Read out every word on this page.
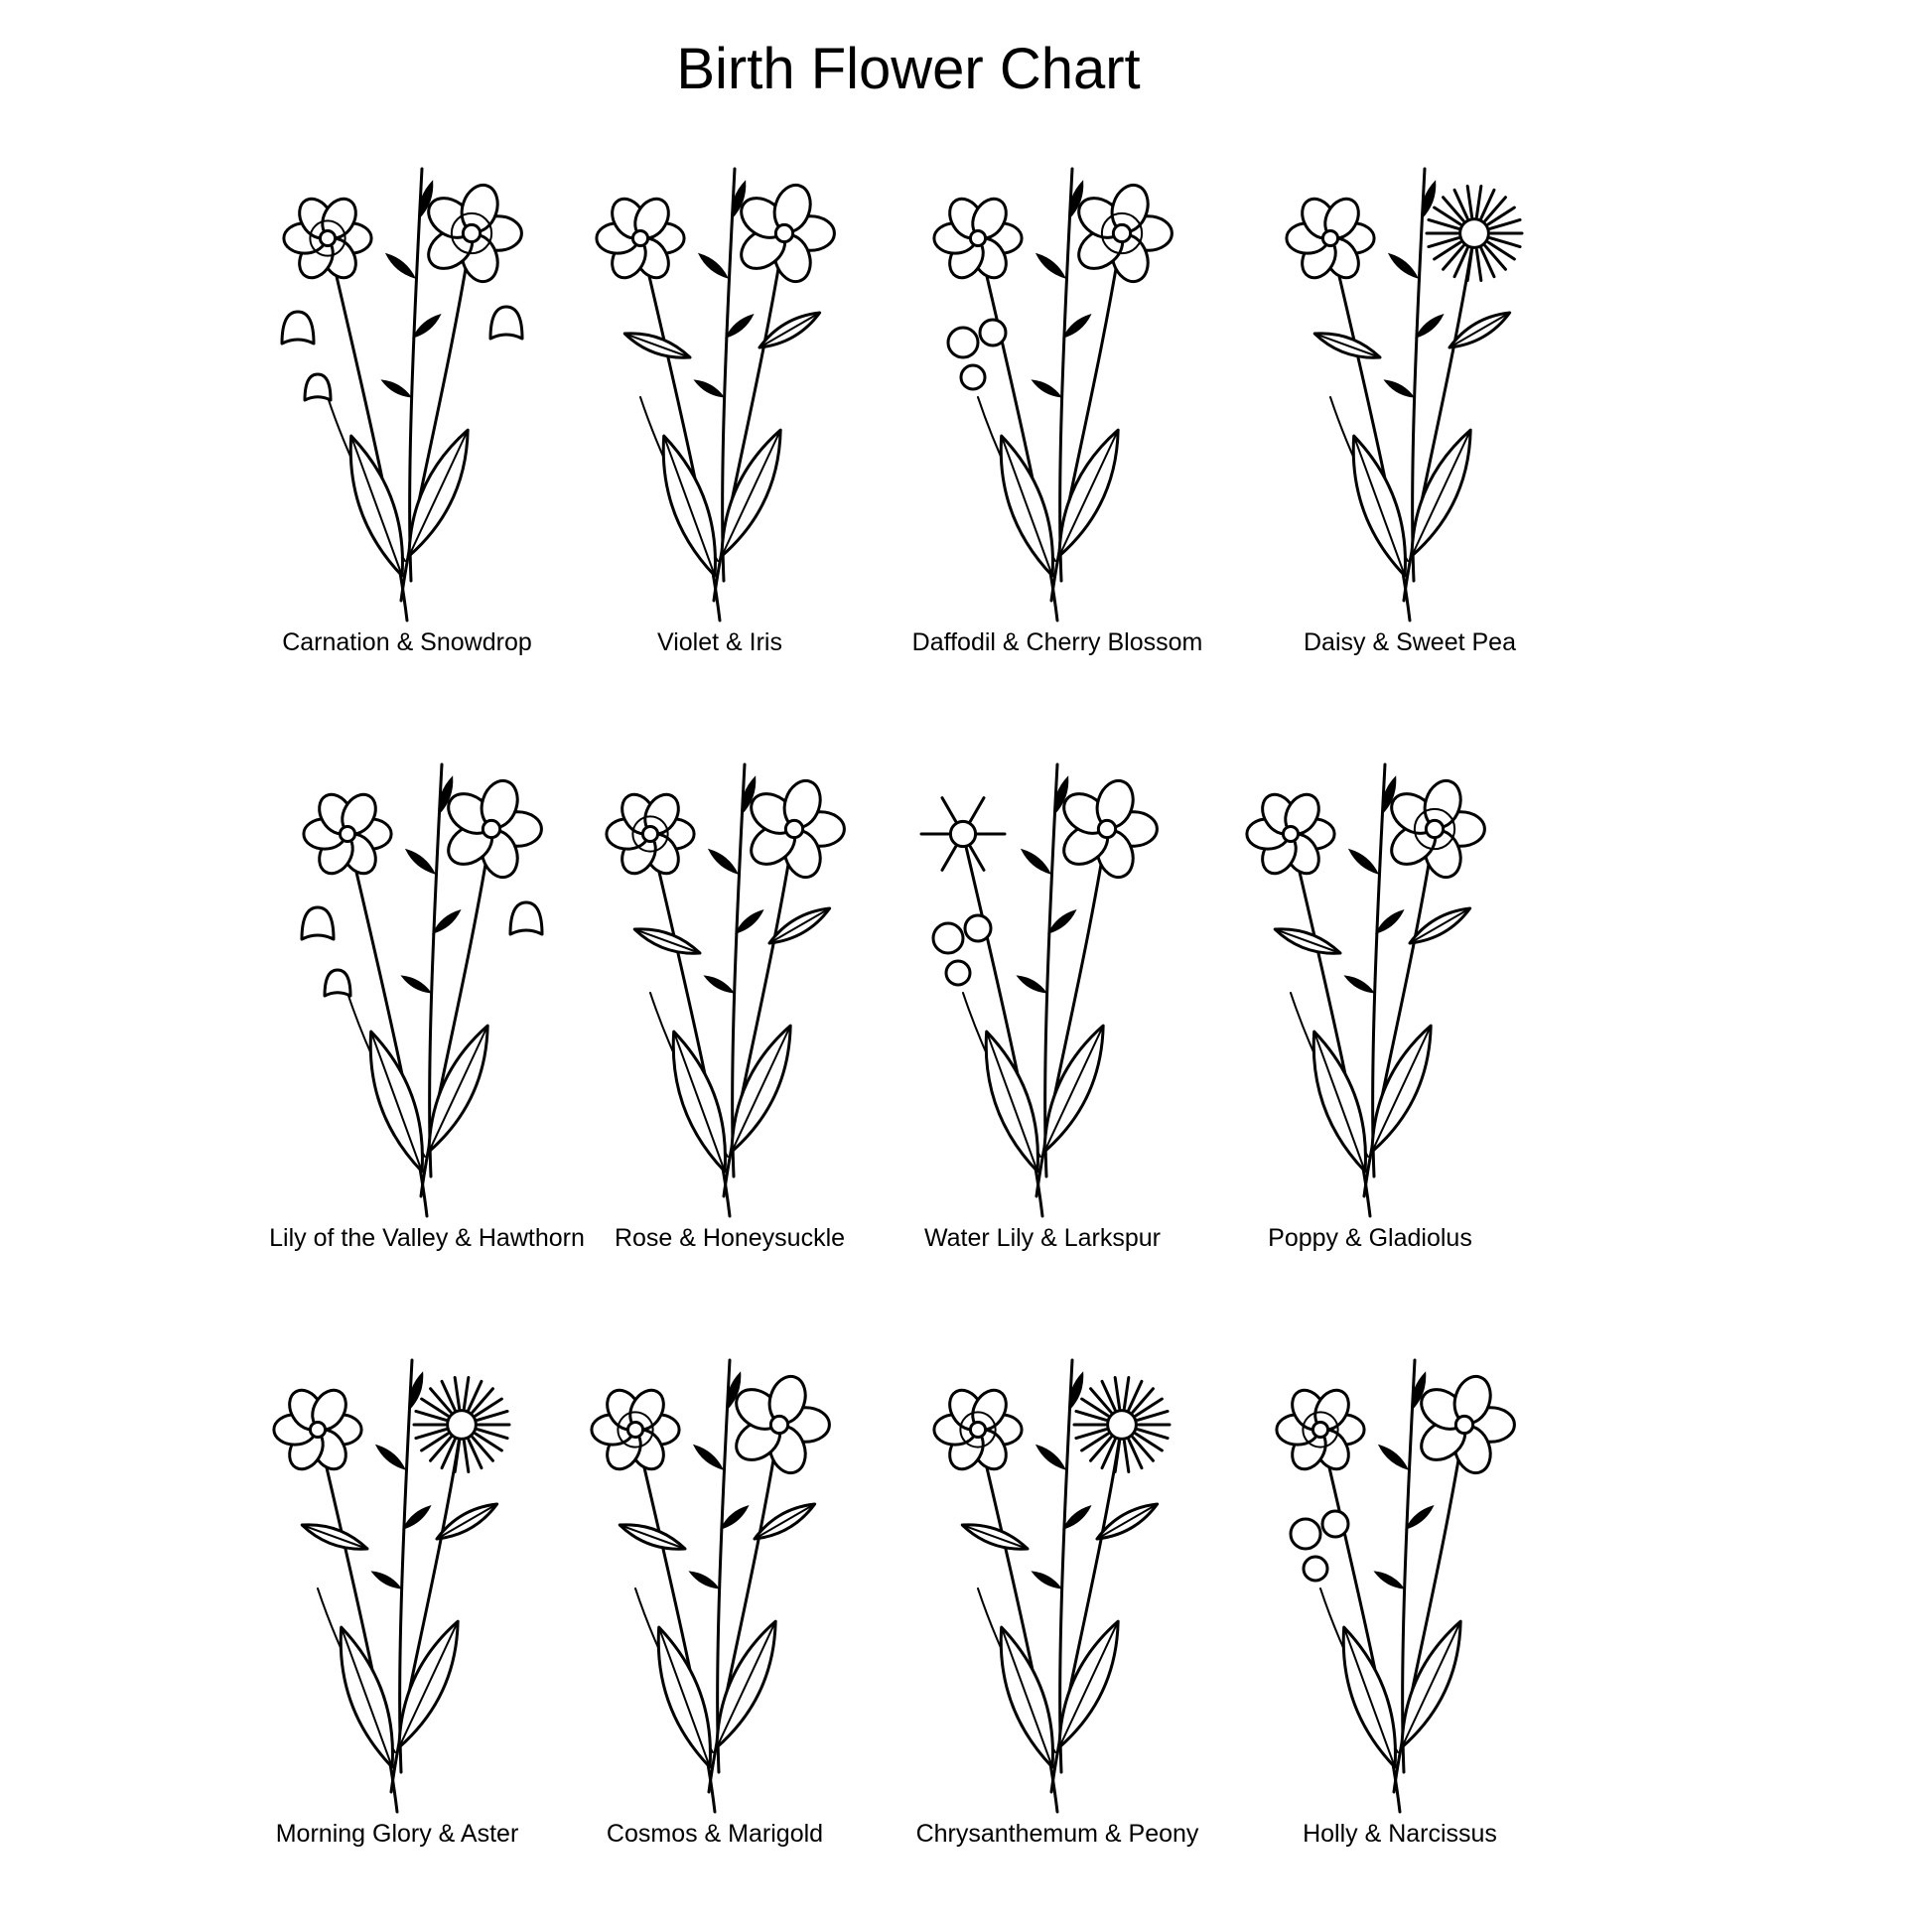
Birth Flower Chart
Carnation & Snowdrop	Violet & Iris	Daffodil & Cherry Blossom	Daisy & Sweet Pea
Lily of the Valley & Hawthorn	Rose & Honeysuckle	Water Lily & Larkspur	Poppy & Gladiolus
Morning Glory & Aster	Cosmos & Marigold	Chrysanthemum & Peony	Holly & Narcissus
